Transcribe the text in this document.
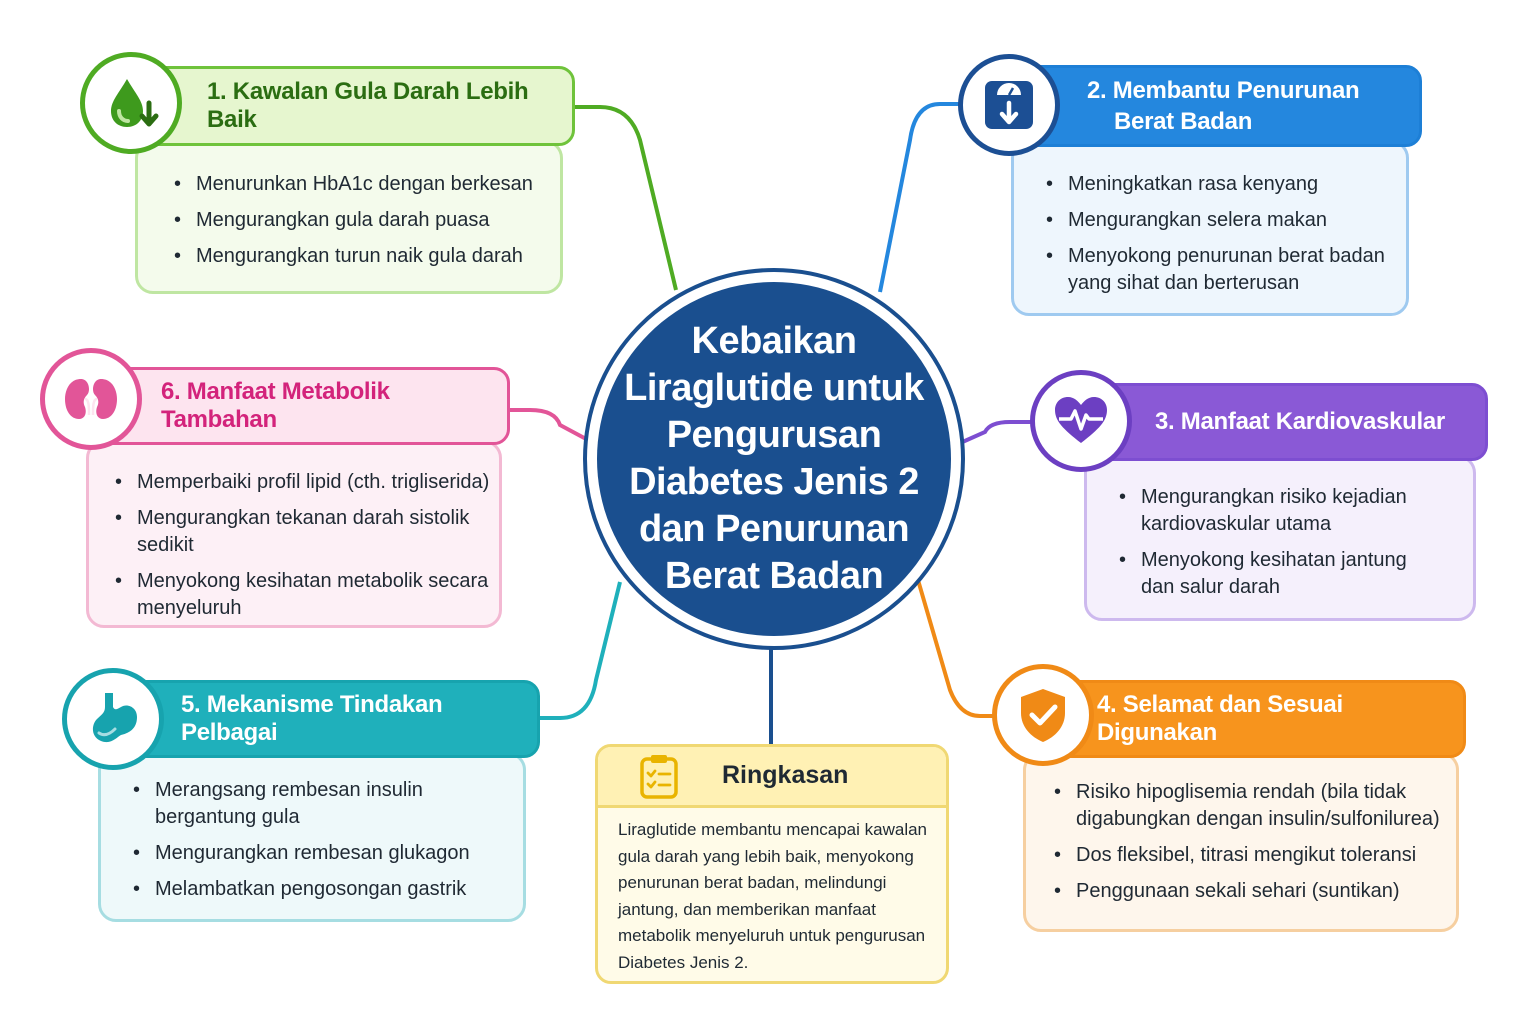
• Menurunkan HbA1c dengan berkesan
• Mengurangkan gula darah puasa
• Mengurangkan turun naik gula darah
1. Kawalan Gula Darah Lebih Baik
• Meningkatkan rasa kenyang
• Mengurangkan selera makan
• Menyokong penurunan berat badan yang sihat dan berterusan
2. Membantu Penurunan
Berat Badan
• Mengurangkan risiko kejadian kardiovaskular utama
• Menyokong kesihatan jantung dan salur darah
3. Manfaat Kardiovaskular
• Risiko hipoglisemia rendah (bila tidak digabungkan dengan insulin/sulfonilurea)
• Dos fleksibel, titrasi mengikut toleransi
• Penggunaan sekali sehari (suntikan)
4. Selamat dan Sesuai Digunakan
• Merangsang rembesan insulin bergantung gula
• Mengurangkan rembesan glukagon
• Melambatkan pengosongan gastrik
5. Mekanisme Tindakan Pelbagai
• Memperbaiki profil lipid (cth. trigliserida)
• Mengurangkan tekanan darah sistolik sedikit
• Menyokong kesihatan metabolik secara menyeluruh
6. Manfaat Metabolik Tambahan
Kebaikan Liraglutide untuk Pengurusan Diabetes Jenis 2 dan Penurunan Berat Badan
Ringkasan
Liraglutide membantu mencapai kawalan gula darah yang lebih baik, menyokong penurunan berat badan, melindungi jantung, dan memberikan manfaat metabolik menyeluruh untuk pengurusan Diabetes Jenis 2.
